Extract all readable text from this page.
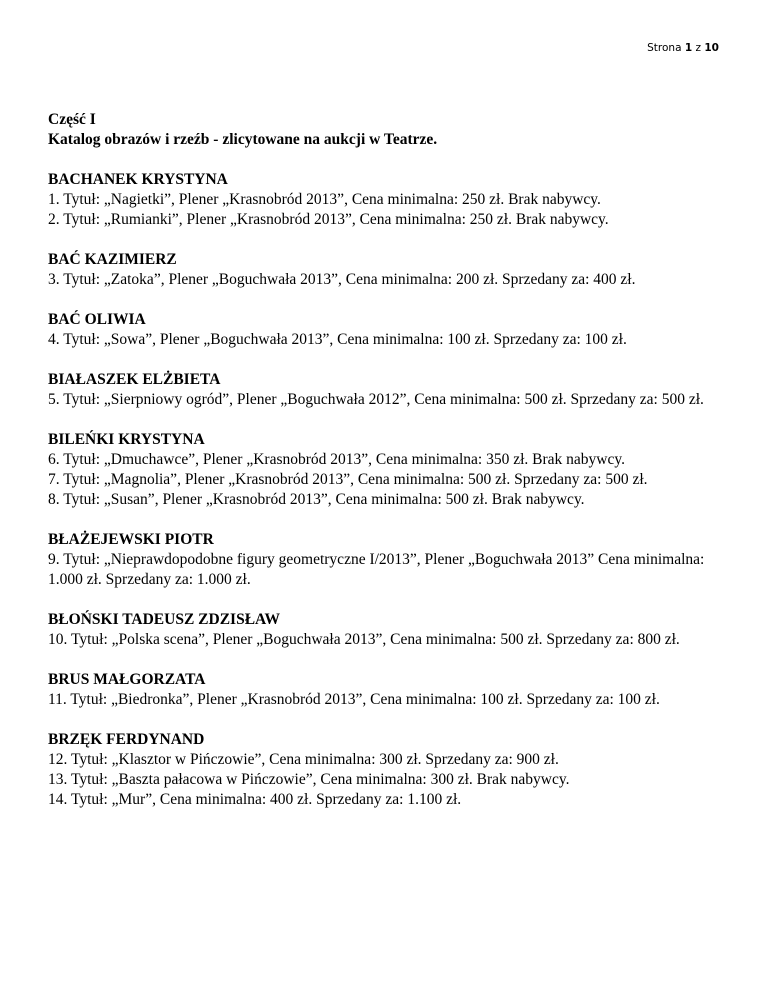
Strona 1 z 10
Część I
Katalog obrazów i rzeźb - zlicytowane na aukcji w Teatrze.
BACHANEK KRYSTYNA
1. Tytuł: „Nagietki”, Plener „Krasnobród 2013”, Cena minimalna: 250 zł. Brak nabywcy.
2. Tytuł: „Rumianki”, Plener „Krasnobród 2013”, Cena minimalna: 250 zł. Brak nabywcy.
BAĆ KAZIMIERZ
3. Tytuł: „Zatoka”, Plener „Boguchwała 2013”, Cena minimalna: 200 zł. Sprzedany za: 400 zł.
BAĆ OLIWIA
4. Tytuł: „Sowa”, Plener „Boguchwała 2013”, Cena minimalna: 100 zł. Sprzedany za: 100 zł.
BIAŁASZEK ELŻBIETA
5. Tytuł: „Sierpniowy ogród”, Plener „Boguchwała 2012”, Cena minimalna: 500 zł. Sprzedany za: 500 zł.
BILEŃKI KRYSTYNA
6. Tytuł: „Dmuchawce”, Plener „Krasnobród 2013”, Cena minimalna: 350 zł. Brak nabywcy.
7. Tytuł: „Magnolia”, Plener „Krasnobród 2013”, Cena minimalna: 500 zł. Sprzedany za: 500 zł.
8. Tytuł: „Susan”, Plener „Krasnobród 2013”, Cena minimalna: 500 zł. Brak nabywcy.
BŁAŻEJEWSKI PIOTR
9. Tytuł: „Nieprawdopodobne figury geometryczne I/2013”, Plener „Boguchwała 2013” Cena minimalna: 1.000 zł. Sprzedany za: 1.000 zł.
BŁOŃSKI TADEUSZ ZDZISŁAW
10. Tytuł: „Polska scena”, Plener „Boguchwała 2013”, Cena minimalna: 500 zł. Sprzedany za: 800 zł.
BRUS MAŁGORZATA
11. Tytuł: „Biedronka”, Plener „Krasnobród 2013”, Cena minimalna: 100 zł. Sprzedany za: 100 zł.
BRZĘK FERDYNAND
12. Tytuł: „Klasztor w Pińczowie”, Cena minimalna: 300 zł. Sprzedany za: 900 zł.
13. Tytuł: „Baszta pałacowa w Pińczowie”, Cena minimalna: 300 zł. Brak nabywcy.
14. Tytuł: „Mur”, Cena minimalna: 400 zł. Sprzedany za: 1.100 zł.
